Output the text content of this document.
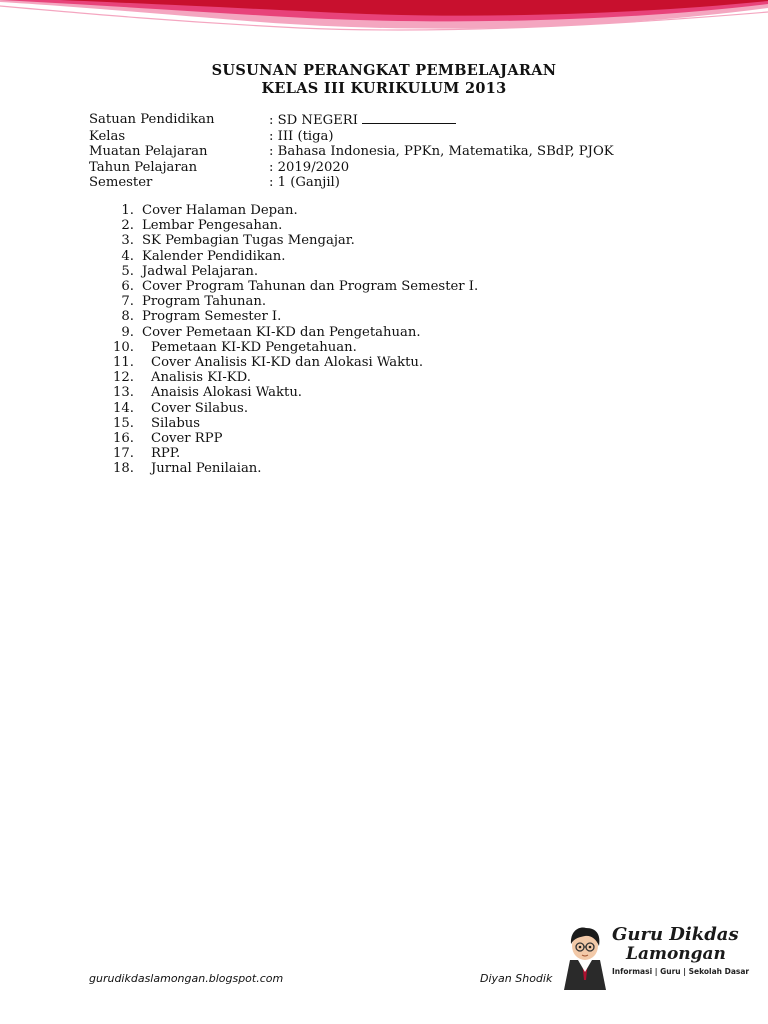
SUSUNAN PERANGKAT PEMBELAJARAN
KELAS III KURIKULUM 2013
Satuan Pendidikan	: SD NEGERI
Kelas	: III (tiga)
Muatan Pelajaran	: Bahasa Indonesia, PPKn, Matematika, SBdP, PJOK
Tahun Pelajaran	: 2019/2020
Semester	: 1 (Ganjil)
1. Cover Halaman Depan.
2. Lembar Pengesahan.
3. SK Pembagian Tugas Mengajar.
4. Kalender Pendidikan.
5. Jadwal Pelajaran.
6. Cover Program Tahunan dan Program Semester I.
7. Program Tahunan.
8. Program Semester I.
9. Cover Pemetaan KI-KD dan Pengetahuan.
10.	Pemetaan KI-KD Pengetahuan.
11.	Cover Analisis KI-KD dan Alokasi Waktu.
12.	Analisis KI-KD.
13.	Anaisis Alokasi Waktu.
14.	Cover Silabus.
15.	Silabus
16.	Cover RPP
17.	RPP.
18.	Jurnal Penilaian.
gurudikdaslamongan.blogspot.com	Diyan Shodik
Guru Dikdas
Lamongan
Informasi | Guru | Sekolah Dasar
